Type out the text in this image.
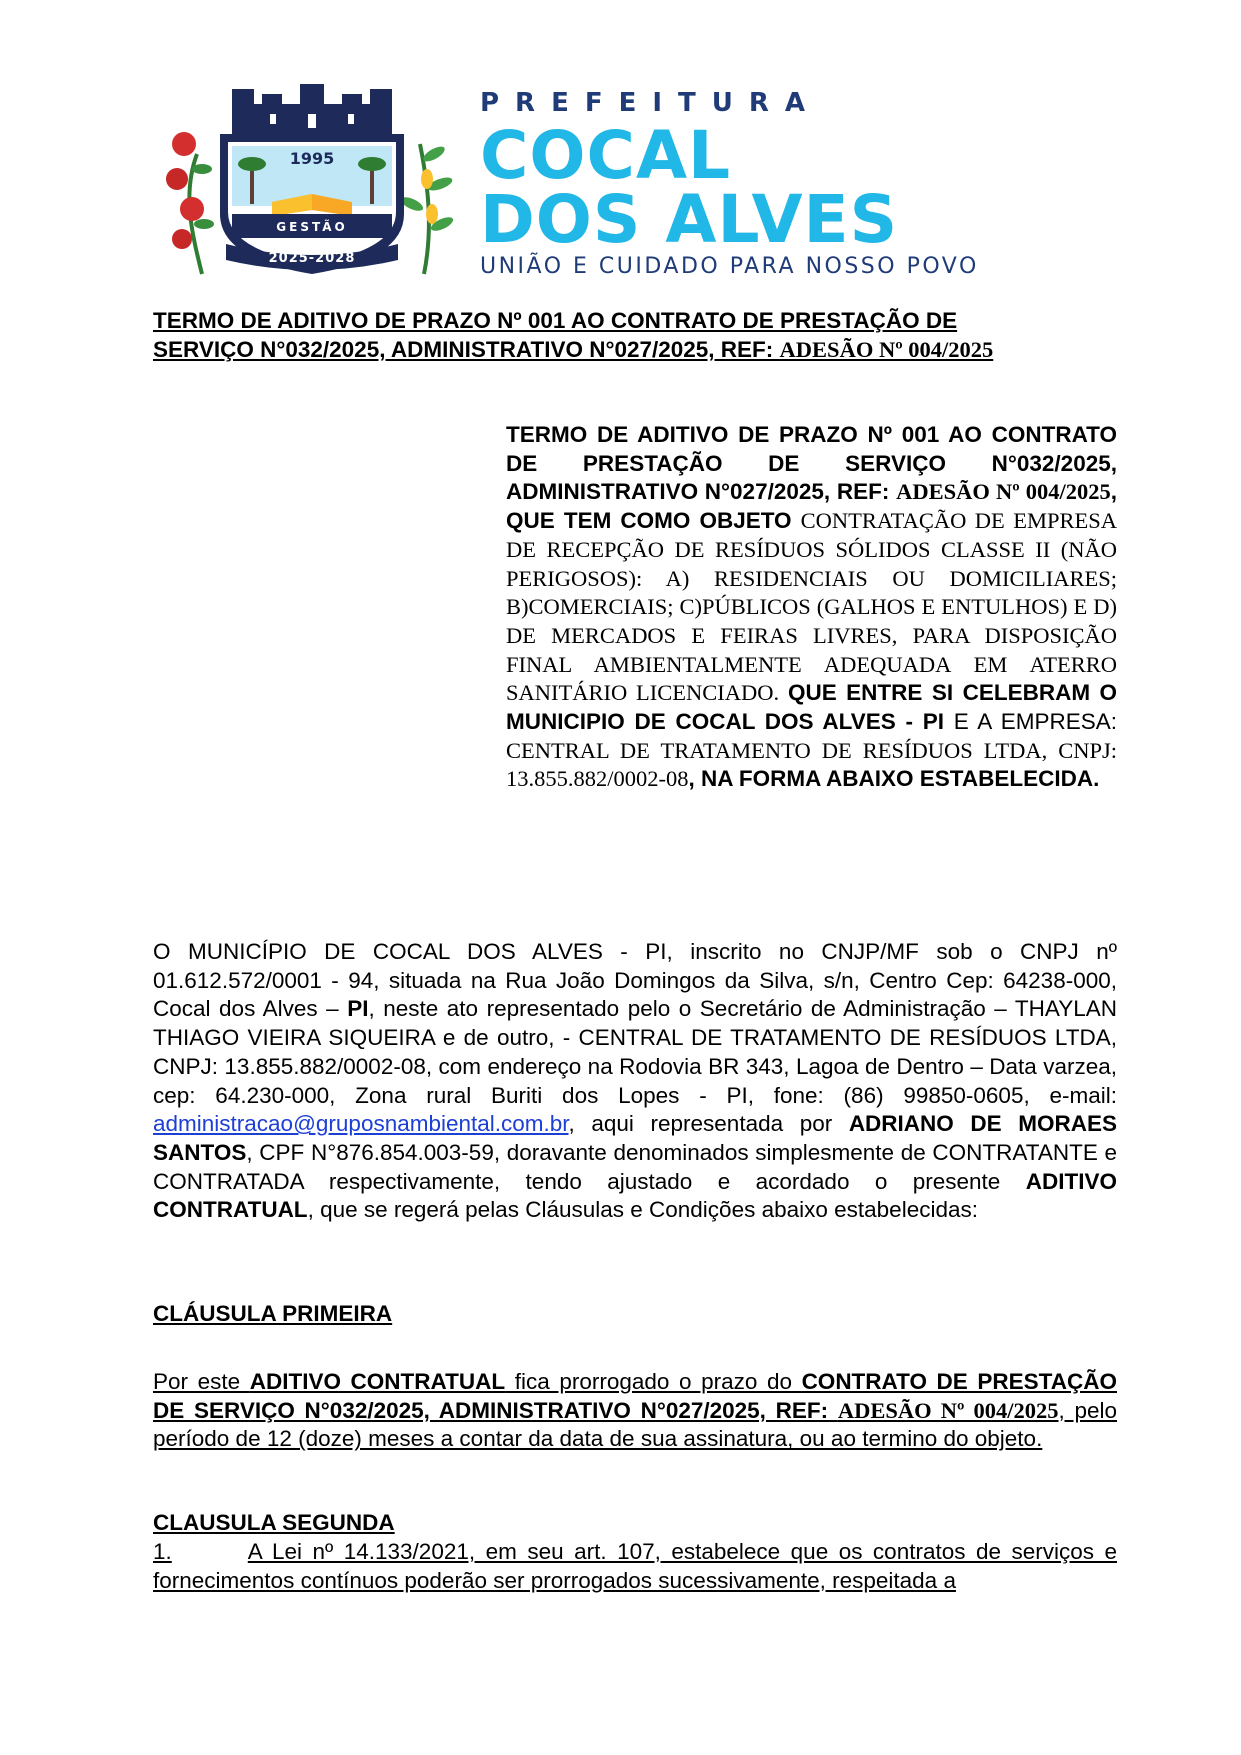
1995
GESTÃO
2025-2028
PREFEITURA
COCAL
DOS ALVES
UNIÃO E CUIDADO PARA NOSSO POVO
TERMO DE ADITIVO DE PRAZO Nº 001 AO CONTRATO DE PRESTAÇÃO DE SERVIÇO N°032/2025, ADMINISTRATIVO N°027/2025, REF: ADESÃO Nº 004/2025
TERMO DE ADITIVO DE PRAZO Nº 001 AO CONTRATO DE PRESTAÇÃO DE SERVIÇO N°032/2025, ADMINISTRATIVO N°027/2025, REF: ADESÃO Nº 004/2025, QUE TEM COMO OBJETO CONTRATAÇÃO DE EMPRESA DE RECEPÇÃO DE RESÍDUOS SÓLIDOS CLASSE II (NÃO PERIGOSOS): A) RESIDENCIAIS OU DOMICILIARES; B)COMERCIAIS; C)PÚBLICOS (GALHOS E ENTULHOS) E D) DE MERCADOS E FEIRAS LIVRES, PARA DISPOSIÇÃO FINAL AMBIENTALMENTE ADEQUADA EM ATERRO SANITÁRIO LICENCIADO. QUE ENTRE SI CELEBRAM O MUNICIPIO DE COCAL DOS ALVES - PI E A EMPRESA: CENTRAL DE TRATAMENTO DE RESÍDUOS LTDA, CNPJ: 13.855.882/0002-08, NA FORMA ABAIXO ESTABELECIDA.
O MUNICÍPIO DE COCAL DOS ALVES - PI, inscrito no CNJP/MF sob o CNPJ nº 01.612.572/0001 - 94, situada na Rua João Domingos da Silva, s/n, Centro Cep: 64238-000, Cocal dos Alves – PI, neste ato representado pelo o Secretário de Administração – THAYLAN THIAGO VIEIRA SIQUEIRA e de outro, - CENTRAL DE TRATAMENTO DE RESÍDUOS LTDA, CNPJ: 13.855.882/0002-08, com endereço na Rodovia BR 343, Lagoa de Dentro – Data varzea, cep: 64.230-000, Zona rural Buriti dos Lopes - PI, fone: (86) 99850-0605, e-mail: administracao@gruposnambiental.com.br, aqui representada por ADRIANO DE MORAES SANTOS, CPF N°876.854.003-59, doravante denominados simplesmente de CONTRATANTE e CONTRATADA respectivamente, tendo ajustado e acordado o presente ADITIVO CONTRATUAL, que se regerá pelas Cláusulas e Condições abaixo estabelecidas:
CLÁUSULA PRIMEIRA
Por este ADITIVO CONTRATUAL fica prorrogado o prazo do CONTRATO DE PRESTAÇÃO DE SERVIÇO N°032/2025, ADMINISTRATIVO N°027/2025, REF: ADESÃO Nº 004/2025, pelo período de 12 (doze) meses a contar da data de sua assinatura, ou ao termino do objeto.
CLAUSULA SEGUNDA
1.	A Lei nº 14.133/2021, em seu art. 107, estabelece que os contratos de serviços e fornecimentos contínuos poderão ser prorrogados sucessivamente, respeitada a
